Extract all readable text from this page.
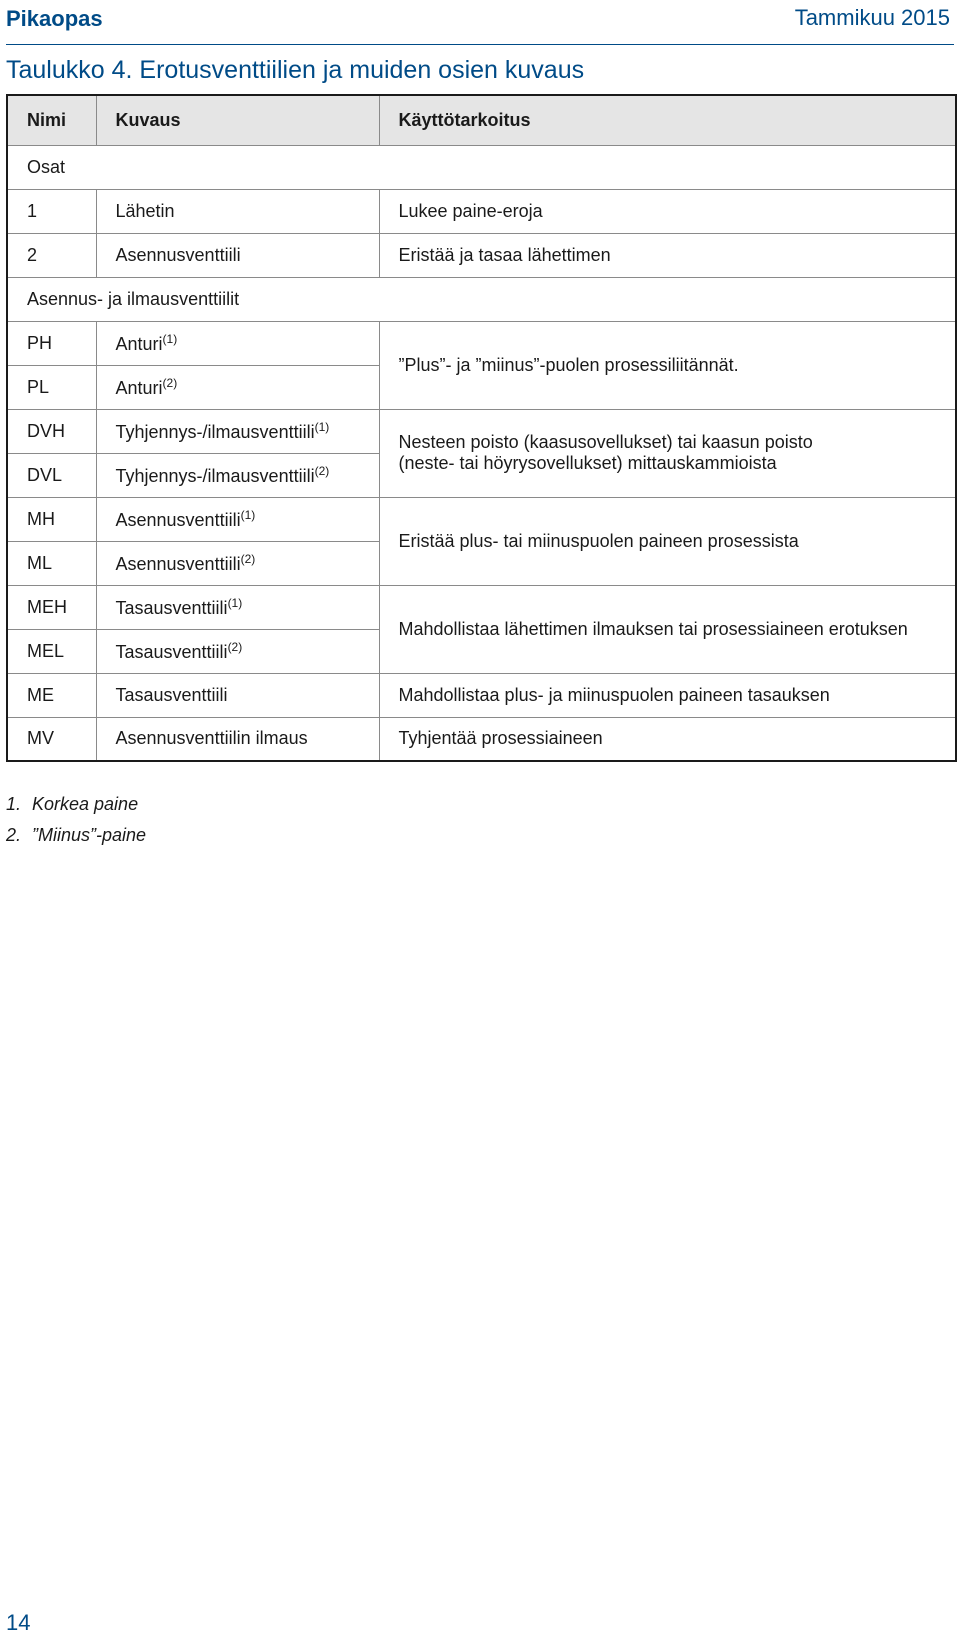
Pikaopas	Tammikuu 2015
Taulukko 4. Erotusventtiilien ja muiden osien kuvaus
Nimi	Kuvaus	Käyttötarkoitus
Osat		
1	Lähetin	Lukee paine-eroja
2	Asennusventtiili	Eristää ja tasaa lähettimen
Asennus- ja ilmausventtiilit		
PH	Anturi$^{(1)}$	”Plus”- ja ”miinus”-puolen prosessiliitännät.
PL	Anturi$^{(2)}$
DVH	Tyhjennys-/ilmausventtiili$^{(1)}$	Nesteen poisto (kaasusovellukset) tai kaasun poisto
(neste- tai höyrysovellukset) mittauskammioista
DVL	Tyhjennys-/ilmausventtiili$^{(2)}$
MH	Asennusventtiili$^{(1)}$	Eristää plus- tai miinuspuolen paineen prosessista
ML	Asennusventtiili$^{(2)}$
MEH	Tasausventtiili$^{(1)}$	Mahdollistaa lähettimen ilmauksen tai prosessiaineen erotuksen
MEL	Tasausventtiili$^{(2)}$
ME	Tasausventtiili	Mahdollistaa plus- ja miinuspuolen paineen tasauksen
MV	Asennusventtiilin ilmaus	Tyhjentää prosessiaineen
1. Korkea paine
2. ”Miinus”-paine
14
